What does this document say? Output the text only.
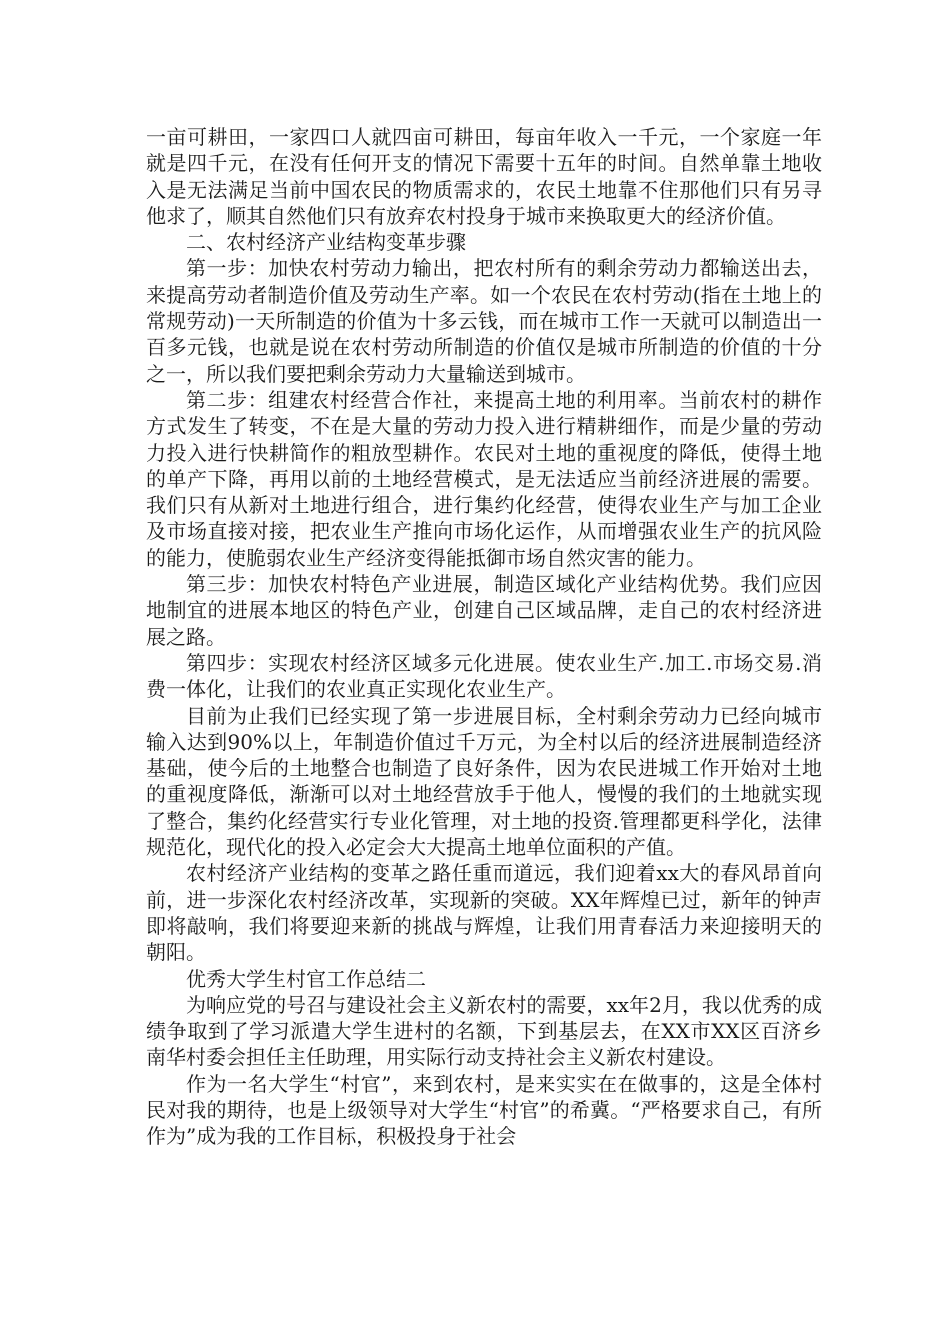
一亩可耕田，一家四口人就四亩可耕田，每亩年收入一千元，一个家庭一年就是四千元，在没有任何开支的情况下需要十五年的时间。自然单靠土地收入是无法满足当前中国农民的物质需求的，农民土地靠不住那他们只有另寻他求了，顺其自然他们只有放弃农村投身于城市来换取更大的经济价值。

二、农村经济产业结构变革步骤

第一步：加快农村劳动力输出，把农村所有的剩余劳动力都输送出去，来提高劳动者制造价值及劳动生产率。如一个农民在农村劳动(指在土地上的常规劳动)一天所制造的价值为十多云钱，而在城市工作一天就可以制造出一百多元钱，也就是说在农村劳动所制造的价值仅是城市所制造的价值的十分之一，所以我们要把剩余劳动力大量输送到城市。

第二步：组建农村经营合作社，来提高土地的利用率。当前农村的耕作方式发生了转变，不在是大量的劳动力投入进行精耕细作，而是少量的劳动力投入进行快耕简作的粗放型耕作。农民对土地的重视度的降低，使得土地的单产下降，再用以前的土地经营模式，是无法适应当前经济进展的需要。我们只有从新对土地进行组合，进行集约化经营，使得农业生产与加工企业及市场直接对接，把农业生产推向市场化运作，从而增强农业生产的抗风险的能力，使脆弱农业生产经济变得能抵御市场自然灾害的能力。

第三步：加快农村特色产业进展，制造区域化产业结构优势。我们应因地制宜的进展本地区的特色产业，创建自己区域品牌，走自己的农村经济进展之路。

第四步：实现农村经济区域多元化进展。使农业生产.加工.市场交易.消费一体化，让我们的农业真正实现化农业生产。

目前为止我们已经实现了第一步进展目标，全村剩余劳动力已经向城市输入达到90%以上，年制造价值过千万元，为全村以后的经济进展制造经济基础，使今后的土地整合也制造了良好条件，因为农民进城工作开始对土地的重视度降低，渐渐可以对土地经营放手于他人，慢慢的我们的土地就实现了整合，集约化经营实行专业化管理，对土地的投资.管理都更科学化，法律规范化，现代化的投入必定会大大提高土地单位面积的产值。

农村经济产业结构的变革之路任重而道远，我们迎着xx大的春风昂首向前，进一步深化农村经济改革，实现新的突破。XX年辉煌已过，新年的钟声即将敲响，我们将要迎来新的挑战与辉煌，让我们用青春活力来迎接明天的朝阳。

优秀大学生村官工作总结二

为响应党的号召与建设社会主义新农村的需要，xx年2月，我以优秀的成绩争取到了学习派遣大学生进村的名额，下到基层去，在XX市XX区百济乡南华村委会担任主任助理，用实际行动支持社会主义新农村建设。

作为一名大学生“村官”，来到农村，是来实实在在做事的，这是全体村民对我的期待，也是上级领导对大学生“村官”的希冀。“严格要求自己，有所作为”成为我的工作目标，积极投身于社会
